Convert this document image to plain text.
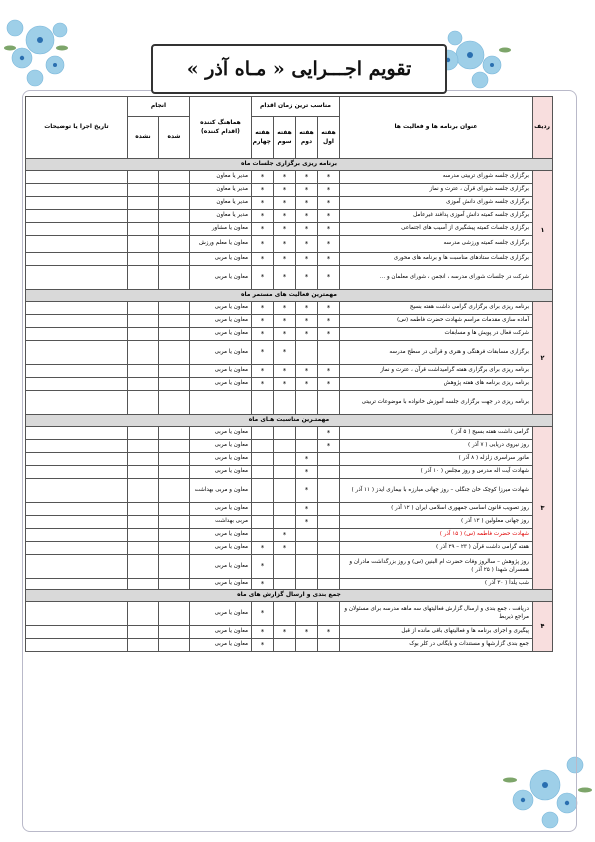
تقویم اجـــرایی « مـاه آذر »
ردیف	عنوان برنامه ها و فعالیت ها	مناسب ترین زمان اقدام				هماهنگ کننده (اقدام کننده)	انجام		تاریخ اجرا یا توضیحات
		هفته اول	هفته دوم	هفته سوم	هفته چهارم		شده	نشده	
برنامه ریزی برگزاری جلسات ماه									
۱	برگزاری جلسه شورای تربیتی مدرسه	*	*	*	*	مدیر یا معاون			
	برگزاری جلسه شورای قرآن ، عترت و نماز	*	*	*	*	مدیر یا معاون			
	برگزاری جلسه شورای دانش آموزی	*	*	*	*	مدیر یا معاون			
	برگزاری جلسه کمیته دانش آموزی پدافند غیرعامل	*	*	*	*	مدیر یا معاون			
	برگزاری جلسات کمیته پیشگیری از آسیب های اجتماعی	*	*	*	*	معاون یا مشاور			
	برگزاری جلسه کمیته ورزشی مدرسه	*	*	*	*	معاون یا معلم ورزش			
	برگزاری جلسات ستادهای مناسبت ها و برنامه های محوری	*	*	*	*	معاون یا مربی			
	شرکت در جلسات شورای مدرسه ، انجمن ، شورای معلمان و ...	*	*	*	*	معاون یا مربی			
مهمترین فعالیت های مستمر ماه									
۲	برنامه ریزی برای برگزاری گرامی داشت هفته بسیج	*	*	*	*	معاون یا مربی			
	آماده سازی مقدمات مراسم شهادت حضرت فاطمه (س)	*	*	*	*	معاون یا مربی			
	شرکت فعال در پویش ها و مسابقات	*	*	*	*	معاون یا مربی			
	برگزاری مسابقات فرهنگی و هنری و قرآنی در سطح مدرسه			*	*	معاون یا مربی			
	برنامه ریزی برای برگزاری هفته گرامیداشت قرآن ، عترت و نماز	*	*	*	*	معاون یا مربی			
	برنامه ریزی برنامه های هفته پژوهش	*	*	*	*	معاون یا مربی			
	برنامه ریزی در جهت برگزاری جلسه آموزش خانواده با موضوعات تربیتی								
مهمتـرین مناسبت هـای ماه									
۳	گرامی داشت هفته بسیج ( ۵ آذر )	*				معاون یا مربی			
	روز نیروی دریایی ( ۷ آذر )	*				معاون یا مربی			
	مانور سراسری زلزله ( ۸ آذر )		*			معاون یا مربی			
	شهادت آیت اله مدرس و روز مجلس ( ۱۰ آذر )		*			معاون یا مربی			
	شهادت میرزا کوچک خان جنگلی – روز جهانی مبارزه با بیماری ایدز ( ۱۱ آذر )		*			معاون و مربی بهداشت			
	روز تصویب قانون اساسی جمهوری اسلامی ایران ( ۱۲ آذر )		*			معاون یا مربی			
	روز جهانی معلولین ( ۱۳ آذر )		*			مربی بهداشت			
	شهادت حضرت فاطمه (س) ( ۱۵ آذر )			*		معاون یا مربی			
	هفته گرامی داشت قرآن ( ۲۳ – ۲۹ آذر )			*	*	معاون یا مربی			
	روز پژوهش – سالروز وفات حضرت ام البنین (س) و روز بزرگداشت مادران و همسران شهدا ( ۲۵ آذر )				*	معاون یا مربی			
	شب یلدا ( ۳۰ آذر )				*	معاون یا مربی			
جمع بندی و ارسال گزارش های ماه									
۴	دریافت ، جمع بندی و ارسال گزارش فعالیتهای سه ماهه مدرسه برای مسئولان و مراجع ذیربط				*	معاون یا مربی			
	پیگیری و اجرای برنامه ها و فعالیتهای باقی مانده از قبل	*	*	*	*	معاون یا مربی			
	جمع بندی گزارشها و مستندات و بایگانی در کلر بوک				*	معاون یا مربی			
